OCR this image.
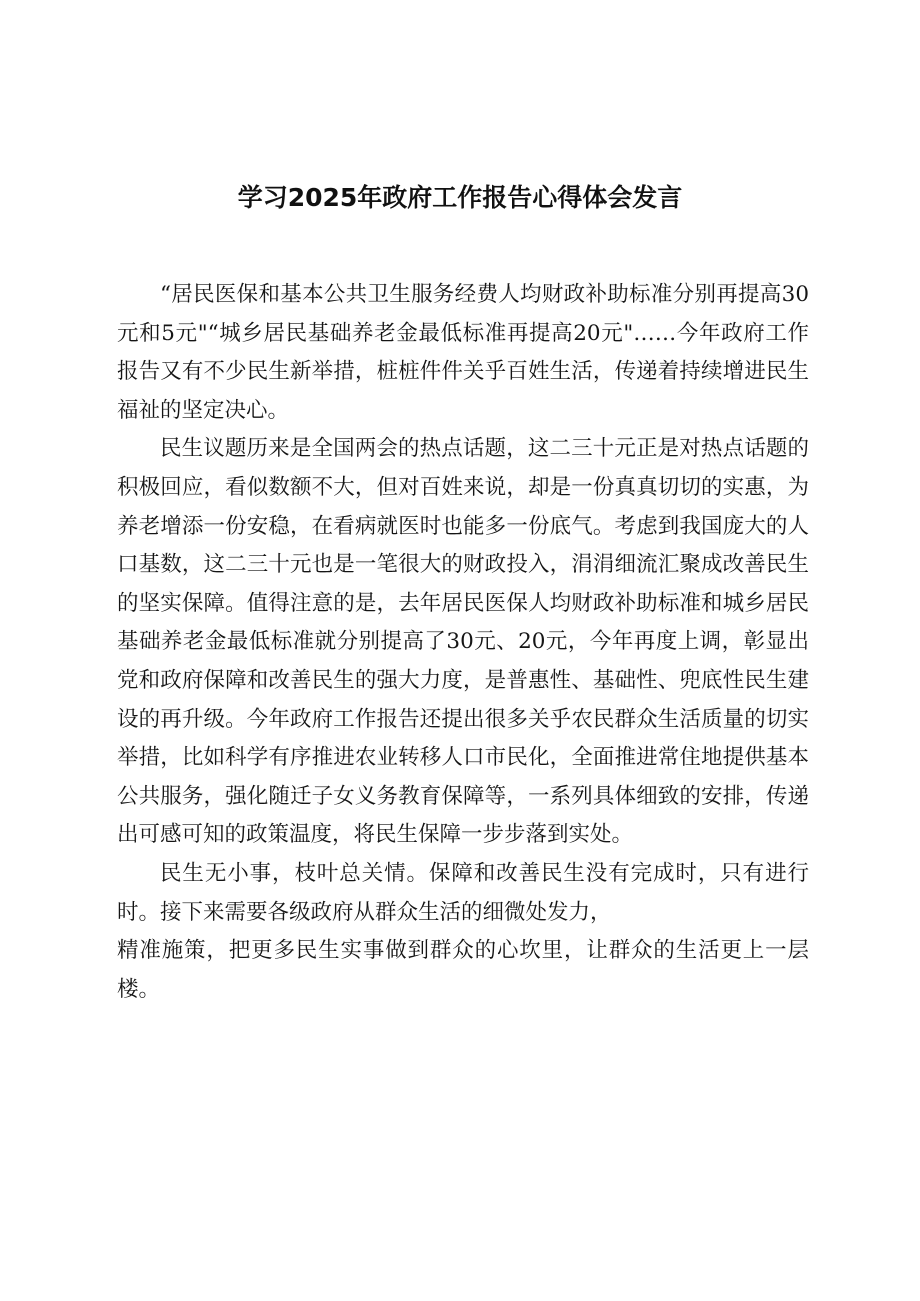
学习2025年政府工作报告心得体会发言

“居民医保和基本公共卫生服务经费人均财政补助标准分别再提高30元和5元"“城乡居民基础养老金最低标准再提高20元"……今年政府工作报告又有不少民生新举措，桩桩件件关乎百姓生活，传递着持续增进民生福祉的坚定决心。

民生议题历来是全国两会的热点话题，这二三十元正是对热点话题的积极回应，看似数额不大，但对百姓来说，却是一份真真切切的实惠，为养老增添一份安稳，在看病就医时也能多一份底气。考虑到我国庞大的人口基数，这二三十元也是一笔很大的财政投入，涓涓细流汇聚成改善民生的坚实保障。值得注意的是，去年居民医保人均财政补助标准和城乡居民基础养老金最低标准就分别提高了30元、20元，今年再度上调，彰显出党和政府保障和改善民生的强大力度，是普惠性、基础性、兜底性民生建设的再升级。今年政府工作报告还提出很多关乎农民群众生活质量的切实举措，比如科学有序推进农业转移人口市民化，全面推进常住地提供基本公共服务，强化随迁子女义务教育保障等，一系列具体细致的安排，传递出可感可知的政策温度，将民生保障一步步落到实处。

民生无小事，枝叶总关情。保障和改善民生没有完成时，只有进行时。接下来需要各级政府从群众生活的细微处发力，
精准施策，把更多民生实事做到群众的心坎里，让群众的生活更上一层楼。
